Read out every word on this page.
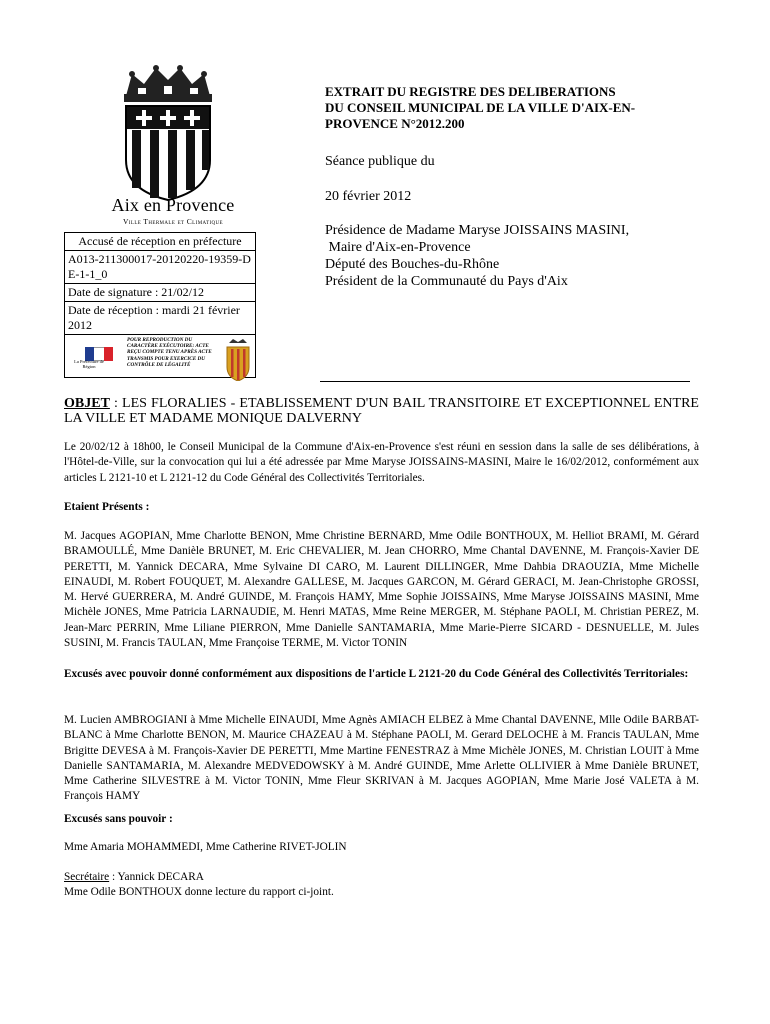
Aix en Provence
Ville Thermale et Climatique
Accusé de réception en préfecture
A013-211300017-20120220-19359-DE-1-1_0
Date de signature : 21/02/12
Date de réception : mardi 21 février 2012
La Préfecture de Région
POUR REPRODUCTION DU CARACTÈRE EXÉCUTOIRE: ACTE REÇU COMPTE TENU APRÈS ACTE TRANSMIS POUR EXERCICE DU CONTRÔLE DE LÉGALITÉ
EXTRAIT DU REGISTRE DES DELIBERATIONS
DU CONSEIL MUNICIPAL DE LA VILLE D'AIX-EN-
PROVENCE N°2012.200
Séance publique du
20 février 2012
Présidence de Madame Maryse JOISSAINS MASINI,
Maire d'Aix-en-Provence
Député des Bouches-du-Rhône
Président de la Communauté du Pays d'Aix
OBJET : LES FLORALIES - ETABLISSEMENT D'UN BAIL TRANSITOIRE ET EXCEPTIONNEL ENTRE LA VILLE ET MADAME MONIQUE DALVERNY
Le 20/02/12 à 18h00, le Conseil Municipal de la Commune d'Aix-en-Provence s'est réuni en session dans la salle de ses délibérations, à l'Hôtel-de-Ville, sur la convocation qui lui a été adressée par Mme Maryse JOISSAINS-MASINI, Maire le 16/02/2012, conformément aux articles L 2121-10 et L 2121-12 du Code Général des Collectivités Territoriales.
Etaient Présents :
M. Jacques AGOPIAN, Mme Charlotte BENON, Mme Christine BERNARD, Mme Odile BONTHOUX, M. Helliot BRAMI, M. Gérard BRAMOULLÉ, Mme Danièle BRUNET, M. Eric CHEVALIER, M. Jean CHORRO, Mme Chantal DAVENNE, M. François-Xavier DE PERETTI, M. Yannick DECARA, Mme Sylvaine DI CARO, M. Laurent DILLINGER, Mme Dahbia DRAOUZIA, Mme Michelle EINAUDI, M. Robert FOUQUET, M. Alexandre GALLESE, M. Jacques GARCON, M. Gérard GERACI, M. Jean-Christophe GROSSI, M. Hervé GUERRERA, M. André GUINDE, M. François HAMY, Mme Sophie JOISSAINS, Mme Maryse JOISSAINS MASINI, Mme Michèle JONES, Mme Patricia LARNAUDIE, M. Henri MATAS, Mme Reine MERGER, M. Stéphane PAOLI, M. Christian PEREZ, M. Jean-Marc PERRIN, Mme Liliane PIERRON, Mme Danielle SANTAMARIA, Mme Marie-Pierre SICARD - DESNUELLE, M. Jules SUSINI, M. Francis TAULAN, Mme Françoise TERME, M. Victor TONIN
Excusés avec pouvoir donné conformément aux dispositions de l'article L 2121-20 du Code Général des Collectivités Territoriales:
M. Lucien AMBROGIANI à Mme Michelle EINAUDI, Mme Agnès AMIACH ELBEZ à Mme Chantal DAVENNE, Mlle Odile BARBAT-BLANC à Mme Charlotte BENON, M. Maurice CHAZEAU à M. Stéphane PAOLI, M. Gerard DELOCHE à M. Francis TAULAN, Mme Brigitte DEVESA à M. François-Xavier DE PERETTI, Mme Martine FENESTRAZ à Mme Michèle JONES, M. Christian LOUIT à Mme Danielle SANTAMARIA, M. Alexandre MEDVEDOWSKY à M. André GUINDE, Mme Arlette OLLIVIER à Mme Danièle BRUNET, Mme Catherine SILVESTRE à M. Victor TONIN, Mme Fleur SKRIVAN à M. Jacques AGOPIAN, Mme Marie José VALETA à M. François HAMY
Excusés sans pouvoir :
Mme Amaria MOHAMMEDI, Mme Catherine RIVET-JOLIN
Secrétaire : Yannick DECARA
Mme Odile BONTHOUX donne lecture du rapport ci-joint.
